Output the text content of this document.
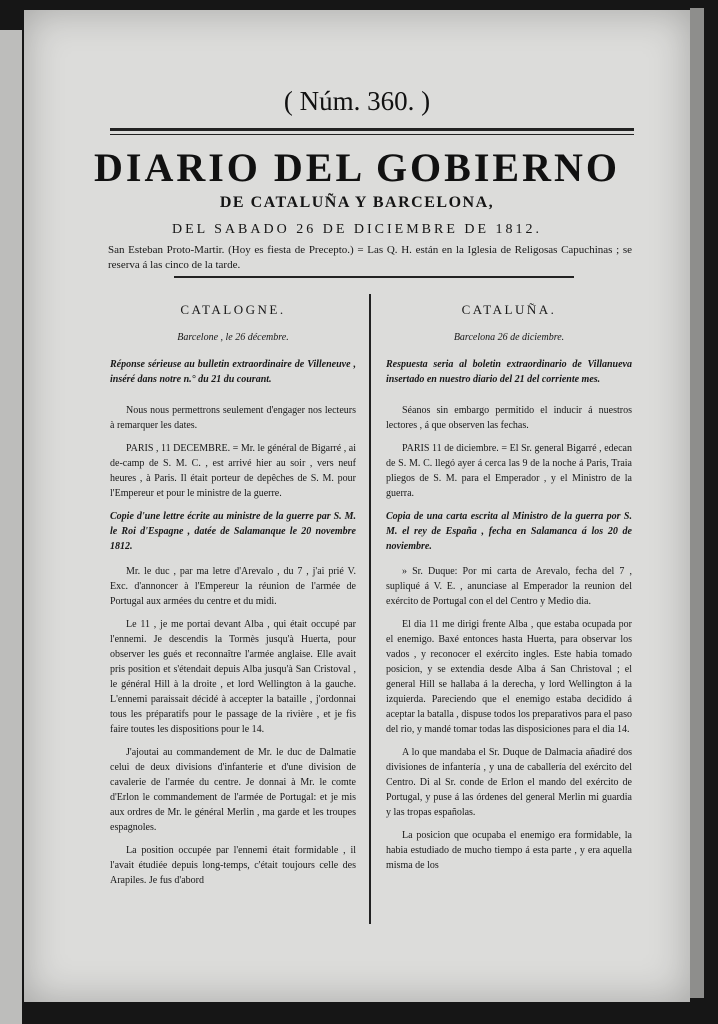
( Núm. 360. )
DIARIO DEL GOBIERNO
DE CATALUÑA Y BARCELONA,
DEL SABADO 26 DE DICIEMBRE DE 1812.
San Esteban Proto-Martir. (Hoy es fiesta de Precepto.) = Las Q. H. están en la Iglesia de Religosas Capuchinas ; se reserva á las cinco de la tarde.
CATALOGNE.
Barcelone , le 26 décembre.
Réponse sérieuse au bulletin extraordinaire de Villeneuve , inséré dans notre n.° du 21 du courant.
Nous nous permettrons seulement d'engager nos lecteurs à remarquer les dates.
PARIS , 11 DECEMBRE. = Mr. le général de Bigarré , ai de-camp de S. M. C. , est arrivé hier au soir , vers neuf heures , à Paris. Il était porteur de depêches de S. M. pour l'Empereur et pour le ministre de la guerre.
Copie d'une lettre écrite au ministre de la guerre par S. M. le Roi d'Espagne , datée de Salamanque le 20 novembre 1812.
Mr. le duc , par ma letre d'Arevalo , du 7 , j'ai prié V. Exc. d'annoncer à l'Empereur la réunion de l'armée de Portugal aux armées du centre et du midi.
Le 11 , je me portai devant Alba , qui était occupé par l'ennemi. Je descendis la Tormès jusqu'à Huerta, pour observer les gués et reconnaître l'armée anglaise. Elle avait pris position et s'étendait depuis Alba jusqu'à San Cristoval , le général Hill à la droite , et lord Wellington à la gauche. L'ennemi paraissait décidé à accepter la bataille , j'ordonnai tous les préparatifs pour le passage de la rivière , et je fis faire toutes les dispositions pour le 14.
J'ajoutai au commandement de Mr. le duc de Dalmatie celui de deux divisions d'infanterie et d'une division de cavalerie de l'armée du centre. Je donnai à Mr. le comte d'Erlon le commandement de l'armée de Portugal: et je mis aux ordres de Mr. le général Merlin , ma garde et les troupes espagnoles.
La position occupée par l'ennemi était formidable , il l'avait étudiée depuis long-temps, c'était toujours celle des Arapiles. Je fus d'abord
CATALUÑA.
Barcelona 26 de diciembre.
Respuesta seria al boletin extraordinario de Villanueva insertado en nuestro diario del 21 del corriente mes.
Séanos sin embargo permitido el inducir á nuestros lectores , á que observen las fechas.
PARIS 11 de diciembre. = El Sr. general Bigarré , edecan de S. M. C. llegó ayer á cerca las 9 de la noche á Paris, Traia pliegos de S. M. para el Emperador , y el Ministro de la guerra.
Copia de una carta escrita al Ministro de la guerra por S. M. el rey de España , fecha en Salamanca á los 20 de noviembre.
» Sr. Duque: Por mi carta de Arevalo, fecha del 7 , supliqué á V. E. , anunciase al Emperador la reunion del exército de Portugal con el del Centro y Medio dia.
El dia 11 me dirigi frente Alba , que estaba ocupada por el enemigo. Baxé entonces hasta Huerta, para observar los vados , y reconocer el exército ingles. Este habia tomado posicion, y se extendia desde Alba á San Christoval ; el general Hill se hallaba á la derecha, y lord Wellington á la izquierda. Pareciendo que el enemigo estaba decidido á aceptar la batalla , dispuse todos los preparativos para el paso del rio, y mandé tomar todas las disposiciones para el dia 14.
A lo que mandaba el Sr. Duque de Dalmacia añadiré dos divisiones de infantería , y una de caballería del exército del Centro. Di al Sr. conde de Erlon el mando del exército de Portugal, y puse á las órdenes del general Merlin mi guardia y las tropas españolas.
La posicion que ocupaba el enemigo era formidable, la habia estudiado de mucho tiempo á esta parte , y era aquella misma de los
